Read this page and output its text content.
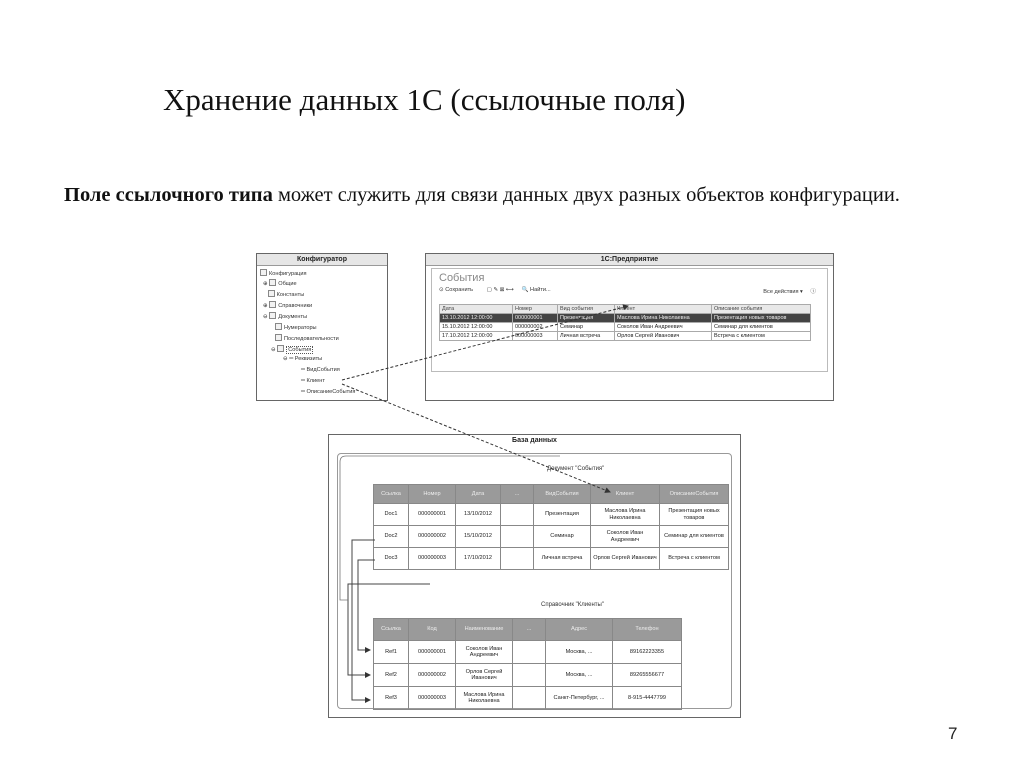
Хранение данных 1С (ссылочные поля)
Поле ссылочного типа может служить для связи данных двух разных объектов конфигурации.
Конфигуратор
Конфигурация
⊕ Общие
Константы
⊕ Справочники
⊖ Документы
Нумераторы
Последовательности
⊖ События
⊖ ═ Реквизиты
═ ВидСобытия
═ Клиент
═ ОписаниеСобытия
1С:Предприятие
События
⊙ Сохранить ▢ ✎ ⊠ ⟷ 🔍 Найти...	Все действия ▾ ⓘ
Дата	Номер	Вид события	Клиент	Описание события
13.10.2012 12:00:00	000000001	Презентация	Маслова Ирина Николаевна	Презентация новых товаров
15.10.2012 12:00:00	000000002	Семинар	Соколов Иван Андреевич	Семинар для клиентов
17.10.2012 12:00:00	000000003	Личная встреча	Орлов Сергей Иванович	Встреча с клиентом
База данных
Документ "События"
Ссылка	Номер	Дата	...	ВидСобытия	Клиент	ОписаниеСобытия
Doc1	000000001	13/10/2012		Презентация	Маслова Ирина Николаевна	Презентация новых товаров
Doc2	000000002	15/10/2012		Семинар	Соколов Иван Андреевич	Семинар для клиентов
Doc3	000000003	17/10/2012		Личная встреча	Орлов Сергей Иванович	Встреча с клиентом
Справочник "Клиенты"
Ссылка	Код	Наименование	...	Адрес	Телефон
Ref1	000000001	Соколов Иван Андреевич		Москва, ...	89162223355
Ref2	000000002	Орлов Сергей Иванович		Москва, ...	89265556677
Ref3	000000003	Маслова Ирина Николаевна		Санкт-Петербург, ...	8-915-4447799
7
